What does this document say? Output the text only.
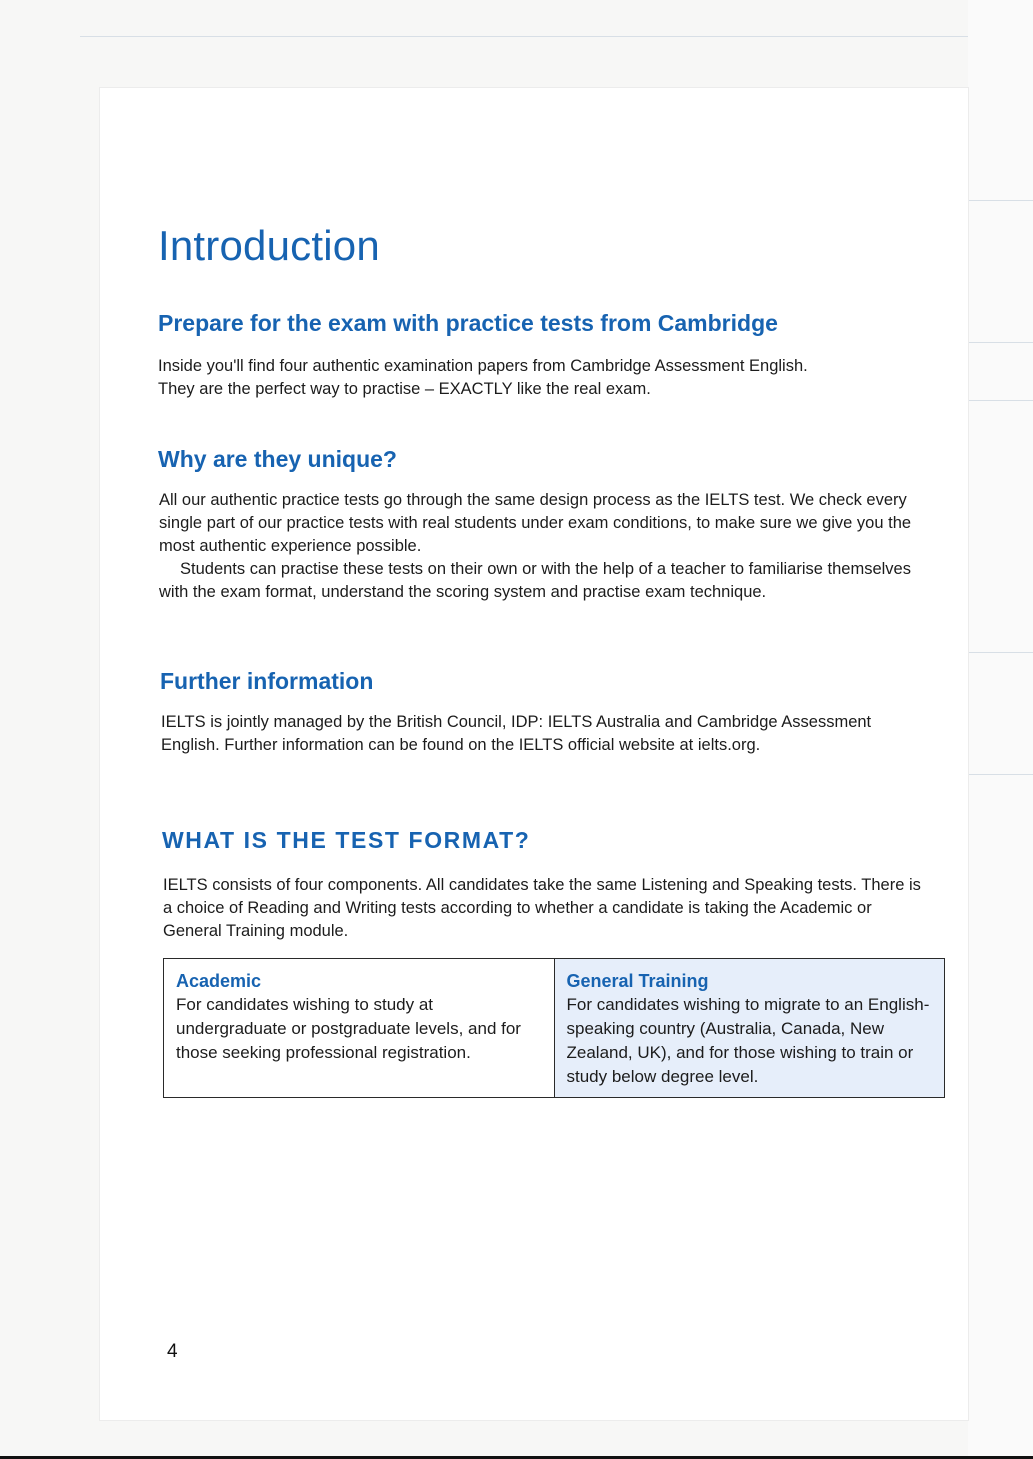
Introduction
Prepare for the exam with practice tests from Cambridge

Inside you'll find four authentic examination papers from Cambridge Assessment English.

They are the perfect way to practise – EXACTLY like the real exam.

Why are they unique?

All our authentic practice tests go through the same design process as the IELTS test. We check every single part of our practice tests with real students under exam conditions, to make sure we give you the most authentic experience possible.

Students can practise these tests on their own or with the help of a teacher to familiarise themselves with the exam format, understand the scoring system and practise exam technique.

Further information

IELTS is jointly managed by the British Council, IDP: IELTS Australia and Cambridge Assessment English. Further information can be found on the IELTS official website at ielts.org.

WHAT IS THE TEST FORMAT?

IELTS consists of four components. All candidates take the same Listening and Speaking tests. There is a choice of Reading and Writing tests according to whether a candidate is taking the Academic or General Training module.

Academic
For candidates wishing to study at undergraduate or postgraduate levels, and for those seeking professional registration.
General Training
For candidates wishing to migrate to an English-speaking country (Australia, Canada, New Zealand, UK), and for those wishing to train or study below degree level.
4
